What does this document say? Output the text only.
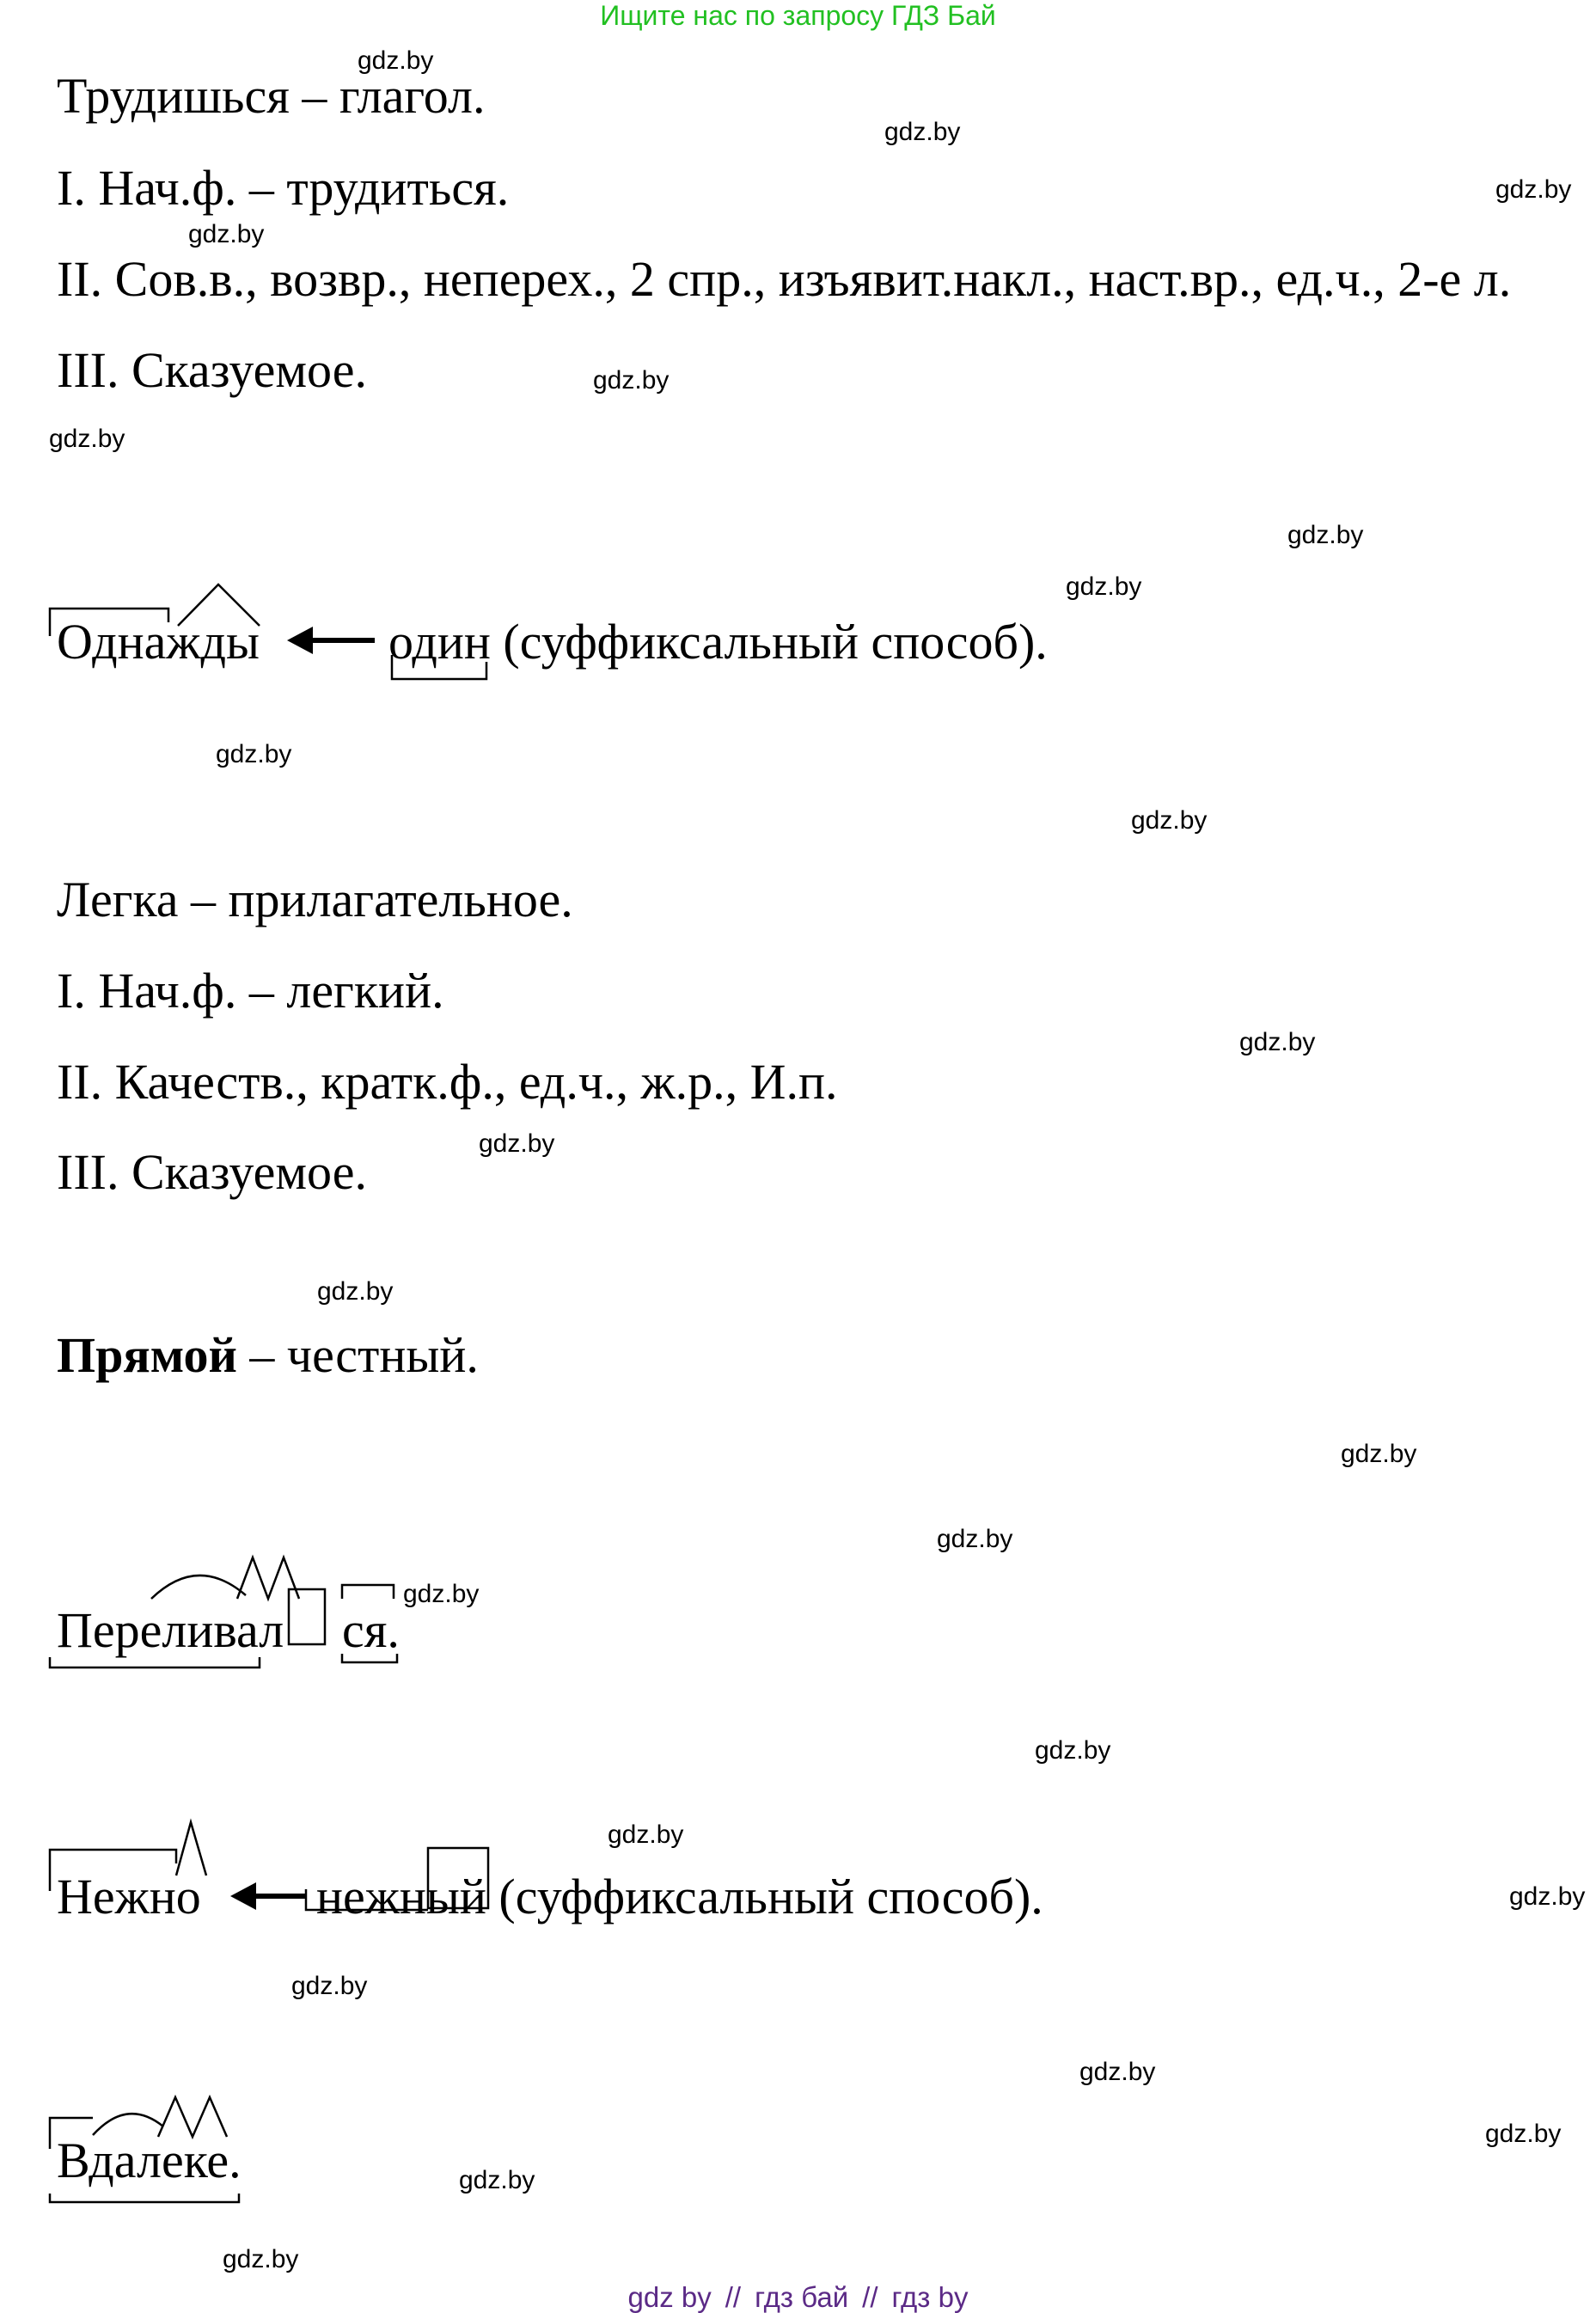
Ищите нас по запросу ГДЗ Бай
Трудишься – глагол.
I. Нач.ф. – трудиться.
II. Сов.в., возвр., неперех., 2 спр., изъявит.накл., наст.вр., ед.ч., 2-е л.
III. Сказуемое.
Однажды	один (суффиксальный способ).
Легка – прилагательное.
I. Нач.ф. – легкий.
II. Качеств., кратк.ф., ед.ч., ж.р., И.п.
III. Сказуемое.
Прямой – честный.
Переливал ся.
Нежно нежный (суффиксальный способ).
Вдалеке.
gdz.by
gdz.by
gdz.by
gdz.by
gdz.by
gdz.by
gdz.by
gdz.by
gdz.by
gdz.by
gdz.by
gdz.by
gdz.by
gdz.by
gdz.by
gdz.by
gdz.by
gdz.by
gdz.by
gdz.by
gdz.by
gdz.by
gdz.by
gdz.by
gdz by // гдз бай // гдз by
